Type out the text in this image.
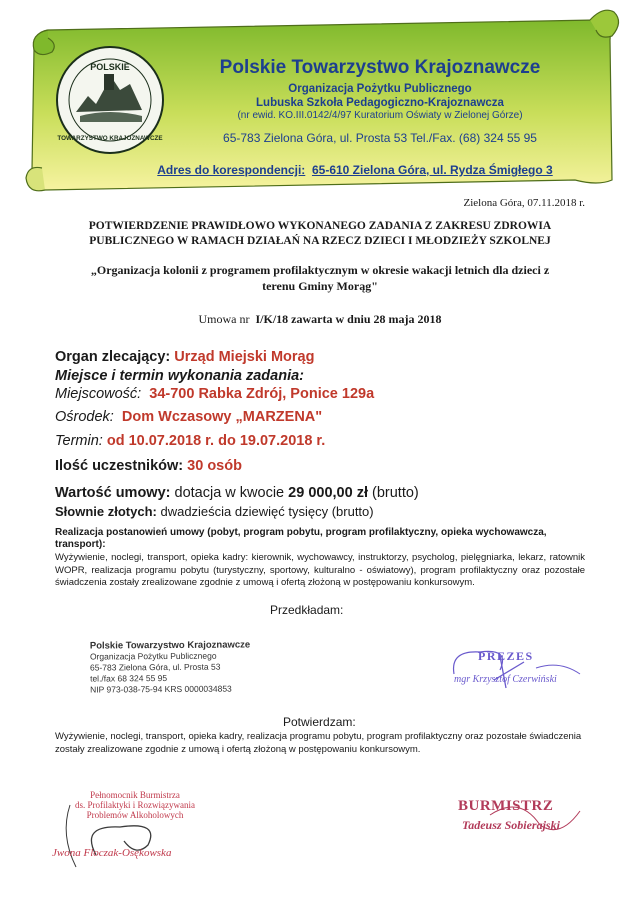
POLSKIE
TOWARZYSTWO KRAJOZNAWCZE
Polskie Towarzystwo Krajoznawcze
Organizacja Pożytku Publicznego
Lubuska Szkoła Pedagogiczno-Krajoznawcza
(nr ewid. KO.III.0142/4/97 Kuratorium Oświaty w Zielonej Górze)
65-783 Zielona Góra, ul. Prosta 53 Tel./Fax. (68) 324 55 95
Adres do korespondencji: 65-610 Zielona Góra, ul. Rydza Śmigłego 3
Zielona Góra, 07.11.2018 r.
POTWIERDZENIE PRAWIDŁOWO WYKONANEGO ZADANIA Z ZAKRESU ZDROWIA
PUBLICZNEGO W RAMACH DZIAŁAŃ NA RZECZ DZIECI I MŁODZIEŻY SZKOLNEJ
„Organizacja kolonii z programem profilaktycznym w okresie wakacji letnich dla dzieci z
terenu Gminy Morąg"
Umowa nr I/K/18 zawarta w dniu 28 maja 2018
Organ zlecający: Urząd Miejski Morąg
Miejsce i termin wykonania zadania:
Miejscowość: 34-700 Rabka Zdrój, Ponice 129a
Ośrodek: Dom Wczasowy „MARZENA"
Termin: od 10.07.2018 r. do 19.07.2018 r.
Ilość uczestników: 30 osób
Wartość umowy: dotacja w kwocie 29 000,00 zł (brutto)
Słownie złotych: dwadzieścia dziewięć tysięcy (brutto)
Realizacja postanowień umowy (pobyt, program pobytu, program profilaktyczny, opieka wychowawcza, transport):
Wyżywienie, noclegi, transport, opieka kadry: kierownik, wychowawcy, instruktorzy, psycholog, pielęgniarka, lekarz, ratownik WOPR, realizacja programu pobytu (turystyczny, sportowy, kulturalno - oświatowy), program profilaktyczny oraz pozostałe świadczenia zostały zrealizowane zgodnie z umową i ofertą złożoną w postępowaniu konkursowym.
Przedkładam:
Polskie Towarzystwo Krajoznawcze
Organizacja Pożytku Publicznego
65-783 Zielona Góra, ul. Prosta 53
tel./fax 68 324 55 95
NIP 973-038-75-94 KRS 0000034853
PREZES
mgr Krzysztof Czerwiński
Potwierdzam:
Wyżywienie, noclegi, transport, opieka kadry, realizacja programu pobytu, program profilaktyczny oraz pozostałe świadczenia zostały zrealizowane zgodnie z umową i ofertą złożoną w postępowaniu konkursowym.
Pełnomocnik Burmistrza
ds. Profilaktyki i Rozwiązywania
Problemów Alkoholowych
Jwona Floczak-Osękowska
BURMISTRZ
Tadeusz Sobierajski
